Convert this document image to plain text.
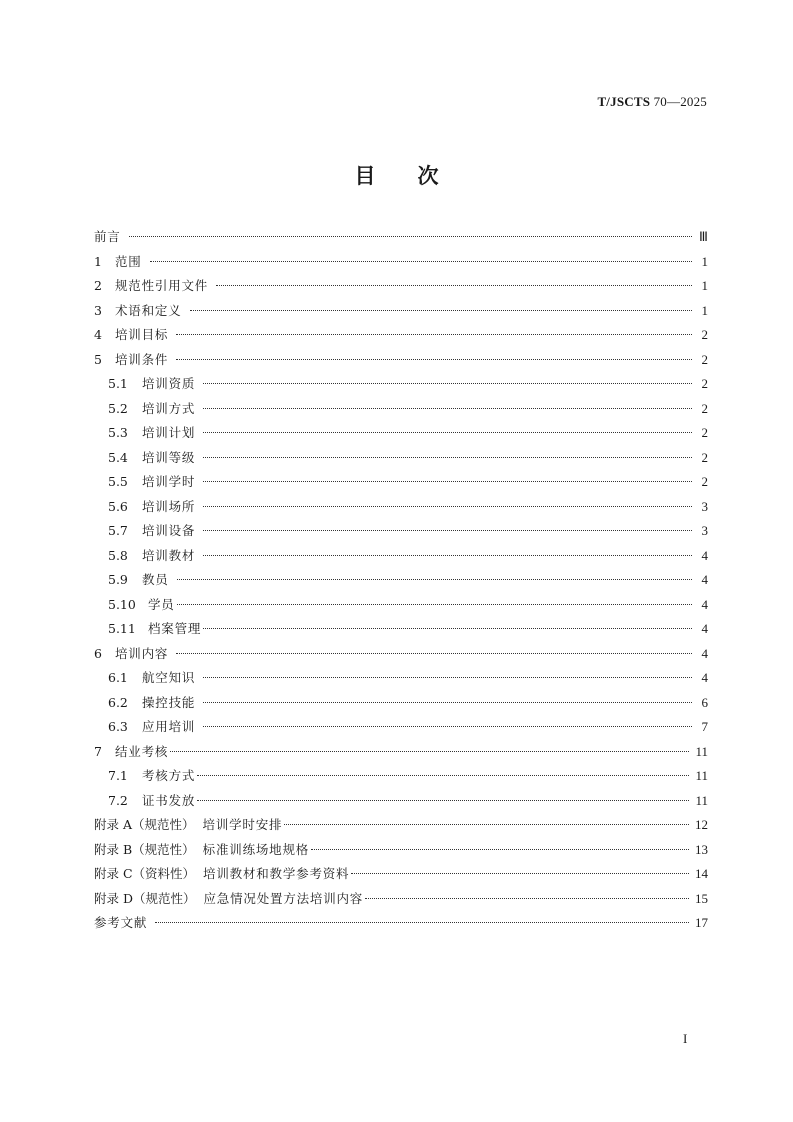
T/JSCTS 70—2025
目次
前言	Ⅲ
1	范围	1
2	规范性引用文件	1
3	术语和定义	1
4	培训目标	2
5	培训条件	2
5.1	培训资质	2
5.2	培训方式	2
5.3	培训计划	2
5.4	培训等级	2
5.5	培训学时	2
5.6	培训场所	3
5.7	培训设备	3
5.8	培训教材	4
5.9	教员	4
5.10 学员	4
5.11 档案管理	4
6	培训内容	4
6.1	航空知识	4
6.2	操控技能	6
6.3	应用培训	7
7	结业考核	11
7.1	考核方式	11
7.2	证书发放	11
附录 A（规范性） 培训学时安排	12
附录 B（规范性） 标准训练场地规格	13
附录 C（资料性） 培训教材和教学参考资料	14
附录 D（规范性） 应急情况处置方法培训内容	15
参考文献	17
I
